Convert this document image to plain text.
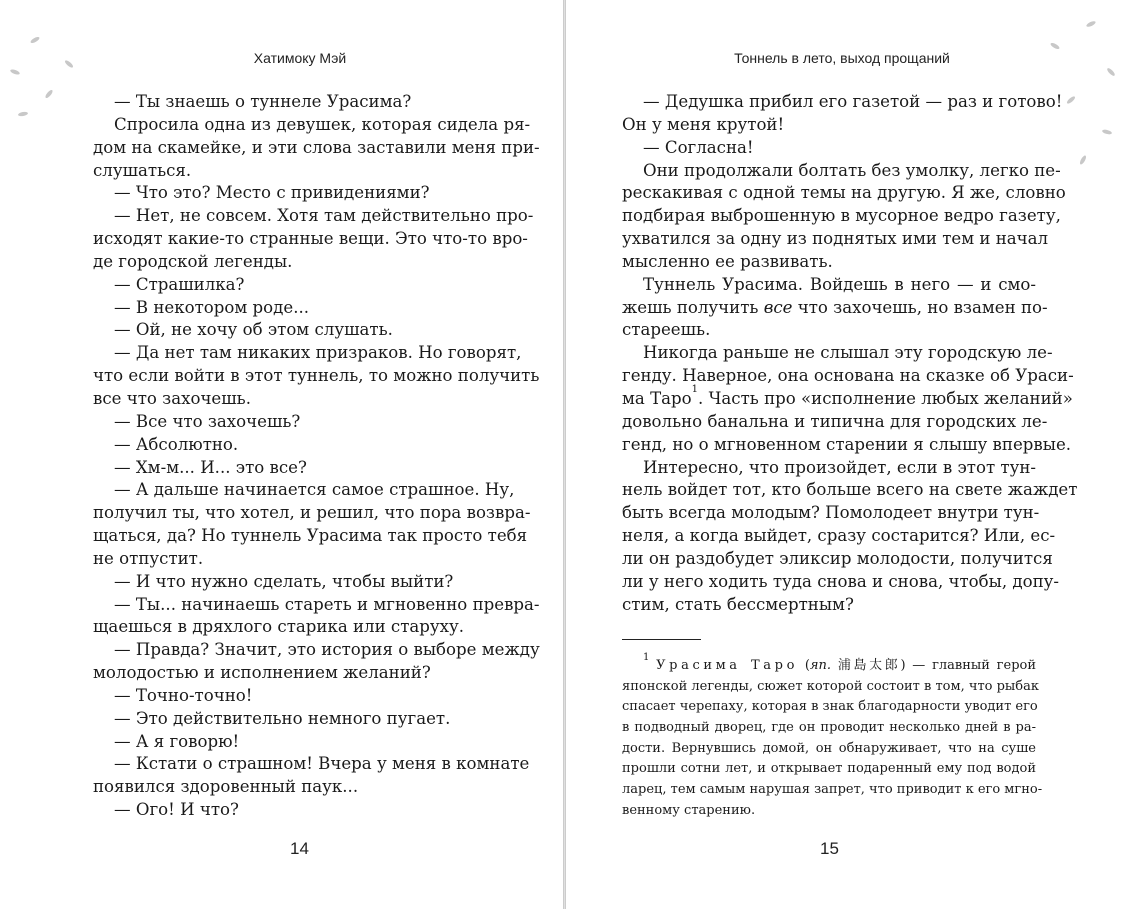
Хатимоку Мэй
— Ты знаешь о туннеле Урасима?
Спросила одна из девушек, которая сидела ря-
дом на скамейке, и эти слова заставили меня при-
слушаться.
— Что это? Место с привидениями?
— Нет, не совсем. Хотя там действительно про-
исходят какие-то странные вещи. Это что-то вро-
де городской легенды.
— Страшилка?
— В некотором роде...
— Ой, не хочу об этом слушать.
— Да нет там никаких призраков. Но говорят,
что если войти в этот туннель, то можно получить
все что захочешь.
— Все что захочешь?
— Абсолютно.
— Хм-м... И... это все?
— А дальше начинается самое страшное. Ну,
получил ты, что хотел, и решил, что пора возвра-
щаться, да? Но туннель Урасима так просто тебя
не отпустит.
— И что нужно сделать, чтобы выйти?
— Ты... начинаешь стареть и мгновенно превра-
щаешься в дряхлого старика или старуху.
— Правда? Значит, это история о выборе между
молодостью и исполнением желаний?
— Точно-точно!
— Это действительно немного пугает.
— А я говорю!
— Кстати о страшном! Вчера у меня в комнате
появился здоровенный паук...
— Ого! И что?
14
Тоннель в лето, выход прощаний
— Дедушка прибил его газетой — раз и готово!
Он у меня крутой!
— Согласна!
Они продолжали болтать без умолку, легко пе-
рескакивая с одной темы на другую. Я же, словно
подбирая выброшенную в мусорное ведро газету,
ухватился за одну из поднятых ими тем и начал
мысленно ее развивать.
Туннель Урасима. Войдешь в него — и смо-
жешь получить все что захочешь, но взамен по-
стареешь.
Никогда раньше не слышал эту городскую ле-
генду. Наверное, она основана на сказке об Ураси-
ма Таро$^1$. Часть про «исполнение любых желаний»
довольно банальна и типична для городских ле-
генд, но о мгновенном старении я слышу впервые.
Интересно, что произойдет, если в этот тун-
нель войдет тот, кто больше всего на свете жаждет
быть всегда молодым? Помолодеет внутри тун-
неля, а когда выйдет, сразу состарится? Или, ес-
ли он раздобудет эликсир молодости, получится
ли у него ходить туда снова и снова, чтобы, допу-
стим, стать бессмертным?
$^1$ Урасима Таро (яп. 浦島太郎) — главный герой
японской легенды, сюжет которой состоит в том, что рыбак
спасает черепаху, которая в знак благодарности уводит его
в подводный дворец, где он проводит несколько дней в ра-
дости. Вернувшись домой, он обнаруживает, что на суше
прошли сотни лет, и открывает подаренный ему под водой
ларец, тем самым нарушая запрет, что приводит к его мгно-
венному старению.
15
